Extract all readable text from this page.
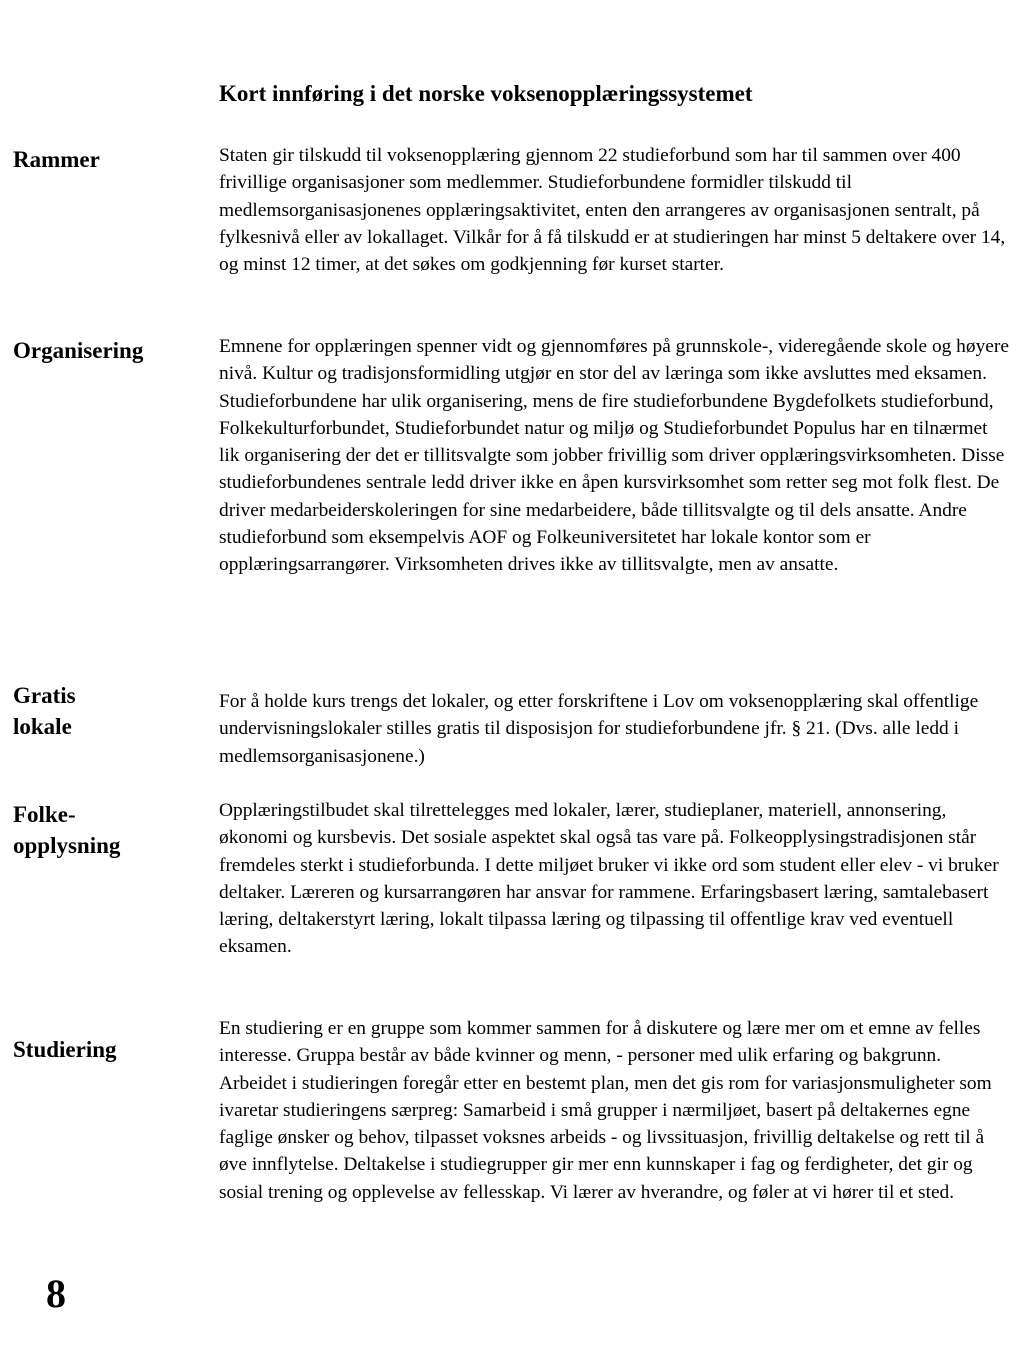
Kort innføring i det norske voksenopplæringssystemet
Rammer	Staten gir tilskudd til voksenopplæring gjennom 22 studieforbund som har til sammen over 400 frivillige organisasjoner som medlemmer. Studieforbundene formidler tilskudd til medlemsorganisasjonenes opplæringsaktivitet, enten den arrangeres av organisasjonen sentralt, på fylkesnivå eller av lokallaget. Vilkår for å få tilskudd er at studieringen har minst 5 deltakere over 14, og minst 12 timer, at det søkes om godkjenning før kurset starter.

Organisering	Emnene for opplæringen spenner vidt og gjennomføres på grunnskole-, videregående skole og høyere nivå. Kultur og tradisjonsformidling utgjør en stor del av læringa som ikke avsluttes med eksamen.

Studieforbundene har ulik organisering, mens de fire studieforbundene Bygdefolkets studieforbund, Folkekulturforbundet, Studieforbundet natur og miljø og Studieforbundet Populus har en tilnærmet lik organisering der det er tillitsvalgte som jobber frivillig som driver opplæringsvirksomheten. Disse studieforbundenes sentrale ledd driver ikke en åpen kursvirksomhet som retter seg mot folk flest. De driver medarbeiderskoleringen for sine medarbeidere, både tillitsvalgte og til dels ansatte. Andre studieforbund som eksempelvis AOF og Folkeuniversitetet har lokale kontor som er opplæringsarrangører. Virksomheten drives ikke av tillitsvalgte, men av ansatte.

Gratis
lokale

For å holde kurs trengs det lokaler, og etter forskriftene i Lov om voksenopplæring skal offentlige undervisningslokaler stilles gratis til disposisjon for studieforbundene jfr. § 21. (Dvs. alle ledd i medlemsorganisasjonene.)

Folke-
opplysning

Opplæringstilbudet skal tilrettelegges med lokaler, lærer, studieplaner, materiell, annonsering, økonomi og kursbevis. Det sosiale aspektet skal også tas vare på. Folkeopplysingstradisjonen står fremdeles sterkt i studieforbunda. I dette miljøet bruker vi ikke ord som student eller elev - vi bruker deltaker. Læreren og kursarrangøren har ansvar for rammene. Erfaringsbasert læring, samtalebasert læring, deltakerstyrt læring, lokalt tilpassa læring og tilpassing til offentlige krav ved eventuell eksamen.

Studiering

En studiering er en gruppe som kommer sammen for å diskutere og lære mer om et emne av felles interesse. Gruppa består av både kvinner og menn, - personer med ulik erfaring og bakgrunn. Arbeidet i studieringen foregår etter en bestemt plan, men det gis rom for variasjonsmuligheter som ivaretar studieringens særpreg: Samarbeid i små grupper i nærmiljøet, basert på deltakernes egne faglige ønsker og behov, tilpasset voksnes arbeids - og livssituasjon, frivillig deltakelse og rett til å øve innflytelse. Deltakelse i studiegrupper gir mer enn kunnskaper i fag og ferdigheter, det gir og sosial trening og opplevelse av fellesskap. Vi lærer av hverandre, og føler at vi hører til et sted.

8
